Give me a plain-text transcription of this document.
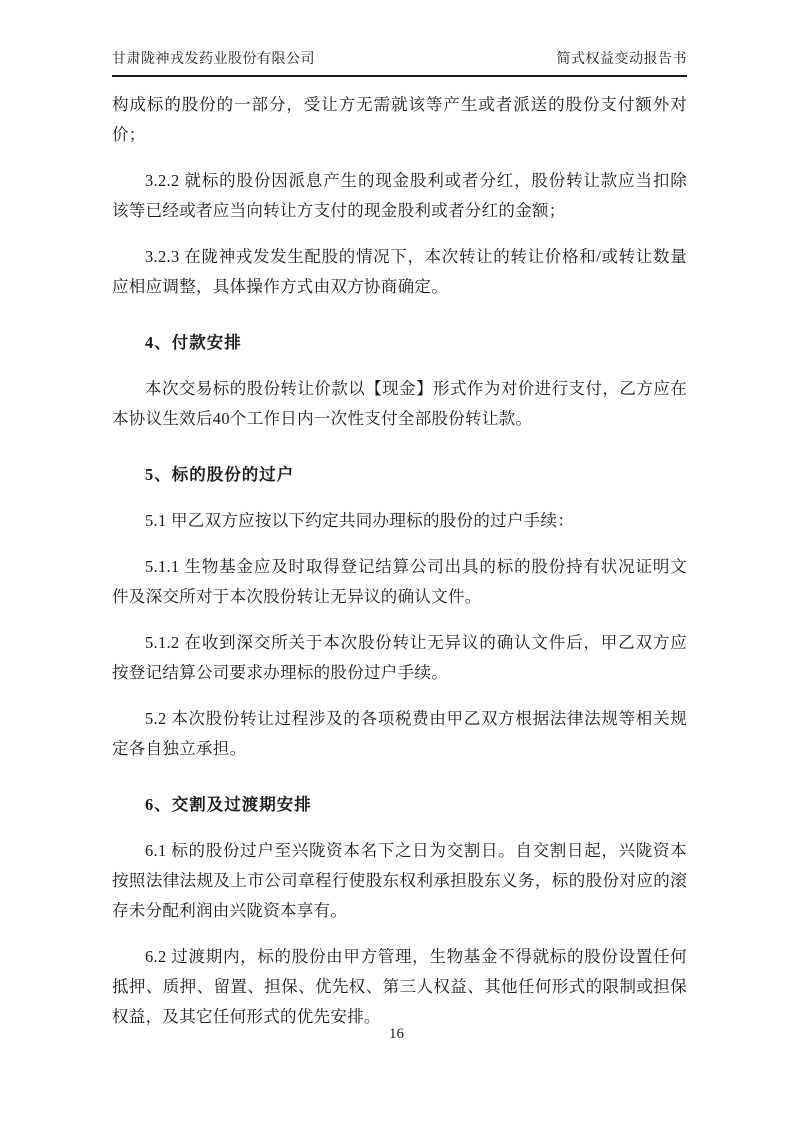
甘肃陇神戎发药业股份有限公司	简式权益变动报告书

构成标的股份的一部分，受让方无需就该等产生或者派送的股份支付额外对价；

3.2.2 就标的股份因派息产生的现金股利或者分红，股份转让款应当扣除该等已经或者应当向转让方支付的现金股利或者分红的金额；

3.2.3 在陇神戎发发生配股的情况下，本次转让的转让价格和/或转让数量应相应调整，具体操作方式由双方协商确定。

4、付款安排

本次交易标的股份转让价款以【现金】形式作为对价进行支付，乙方应在本协议生效后40个工作日内一次性支付全部股份转让款。

5、标的股份的过户

5.1 甲乙双方应按以下约定共同办理标的股份的过户手续：

5.1.1 生物基金应及时取得登记结算公司出具的标的股份持有状况证明文件及深交所对于本次股份转让无异议的确认文件。

5.1.2 在收到深交所关于本次股份转让无异议的确认文件后，甲乙双方应按登记结算公司要求办理标的股份过户手续。

5.2 本次股份转让过程涉及的各项税费由甲乙双方根据法律法规等相关规定各自独立承担。

6、交割及过渡期安排

6.1 标的股份过户至兴陇资本名下之日为交割日。自交割日起，兴陇资本按照法律法规及上市公司章程行使股东权利承担股东义务，标的股份对应的滚存未分配利润由兴陇资本享有。

6.2 过渡期内，标的股份由甲方管理，生物基金不得就标的股份设置任何抵押、质押、留置、担保、优先权、第三人权益、其他任何形式的限制或担保权益，及其它任何形式的优先安排。

16
